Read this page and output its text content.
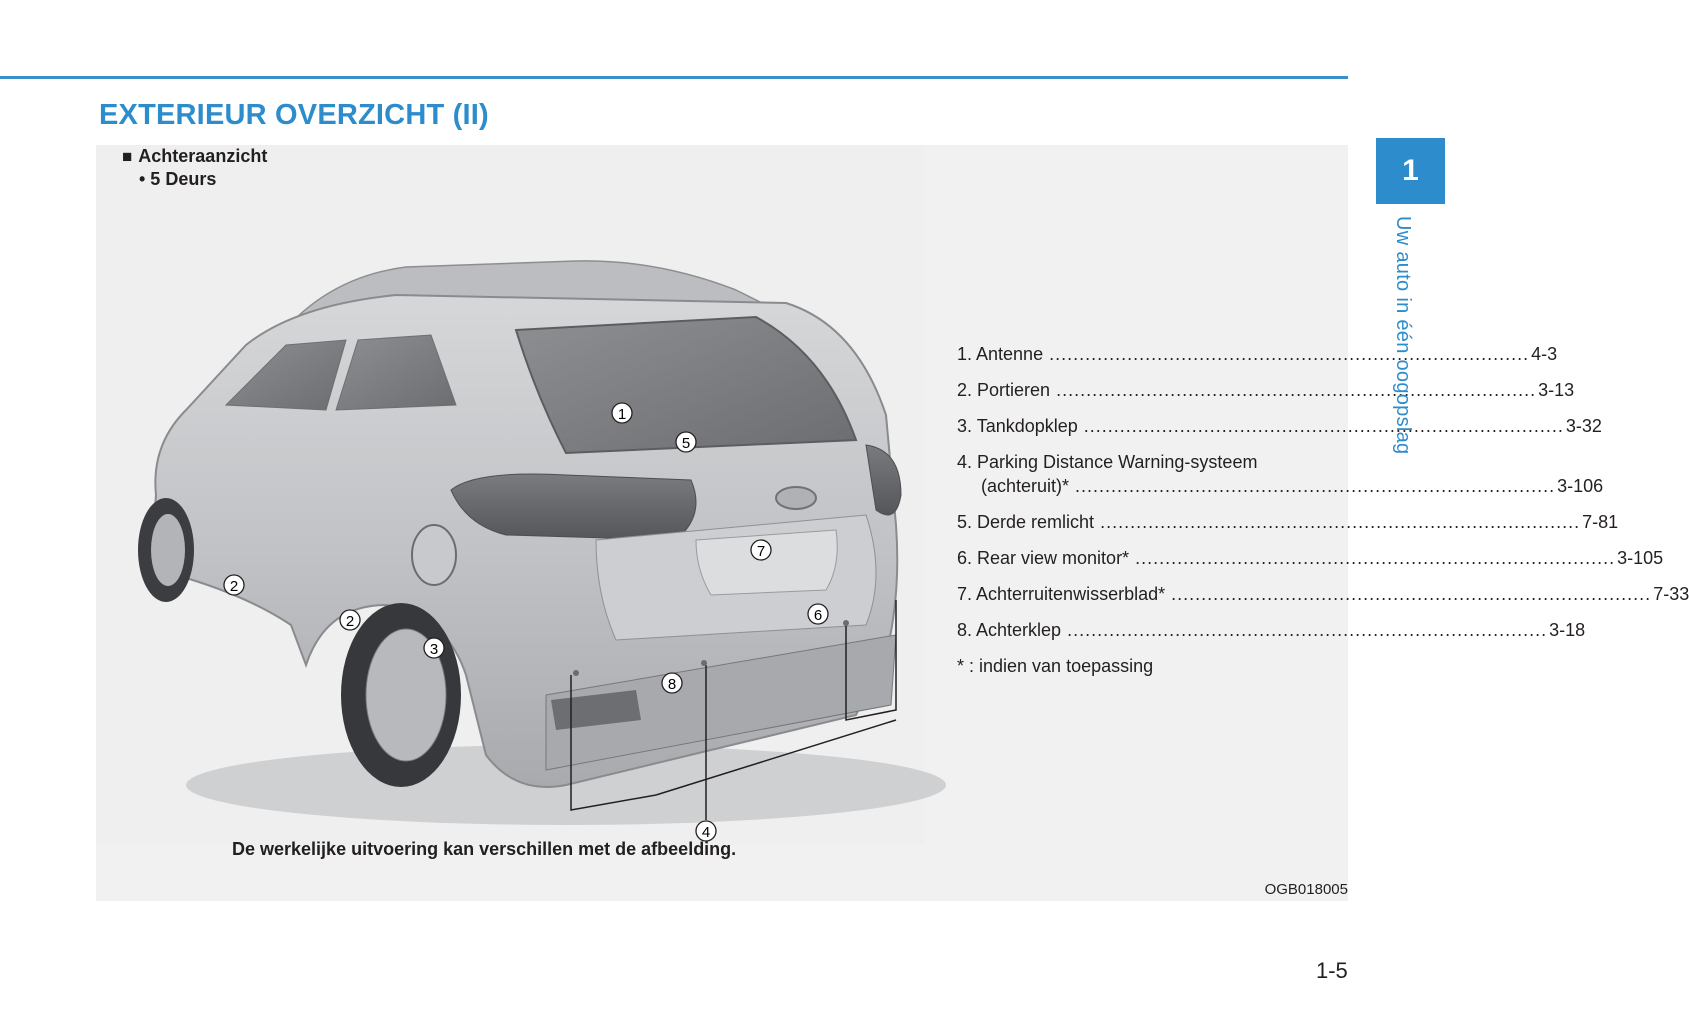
EXTERIEUR OVERZICHT (II)
■ Achteraanzicht
• 5 Deurs
1
2
2
3
4
5
6
7
8
De werkelijke uitvoering kan verschillen met de afbeelding.
OGB018005
1. Antenne ................................................................................ 4-3
2. Portieren ................................................................................ 3-13
3. Tankdopklep ................................................................................ 3-32
4. Parking Distance Warning-systeem
(achteruit)* ................................................................................ 3-106
5. Derde remlicht ................................................................................ 7-81
6. Rear view monitor* ................................................................................ 3-105
7. Achterruitenwisserblad* ................................................................................ 7-33
8. Achterklep ................................................................................ 3-18
* : indien van toepassing
1
Uw auto in één oogopslag
1-5
